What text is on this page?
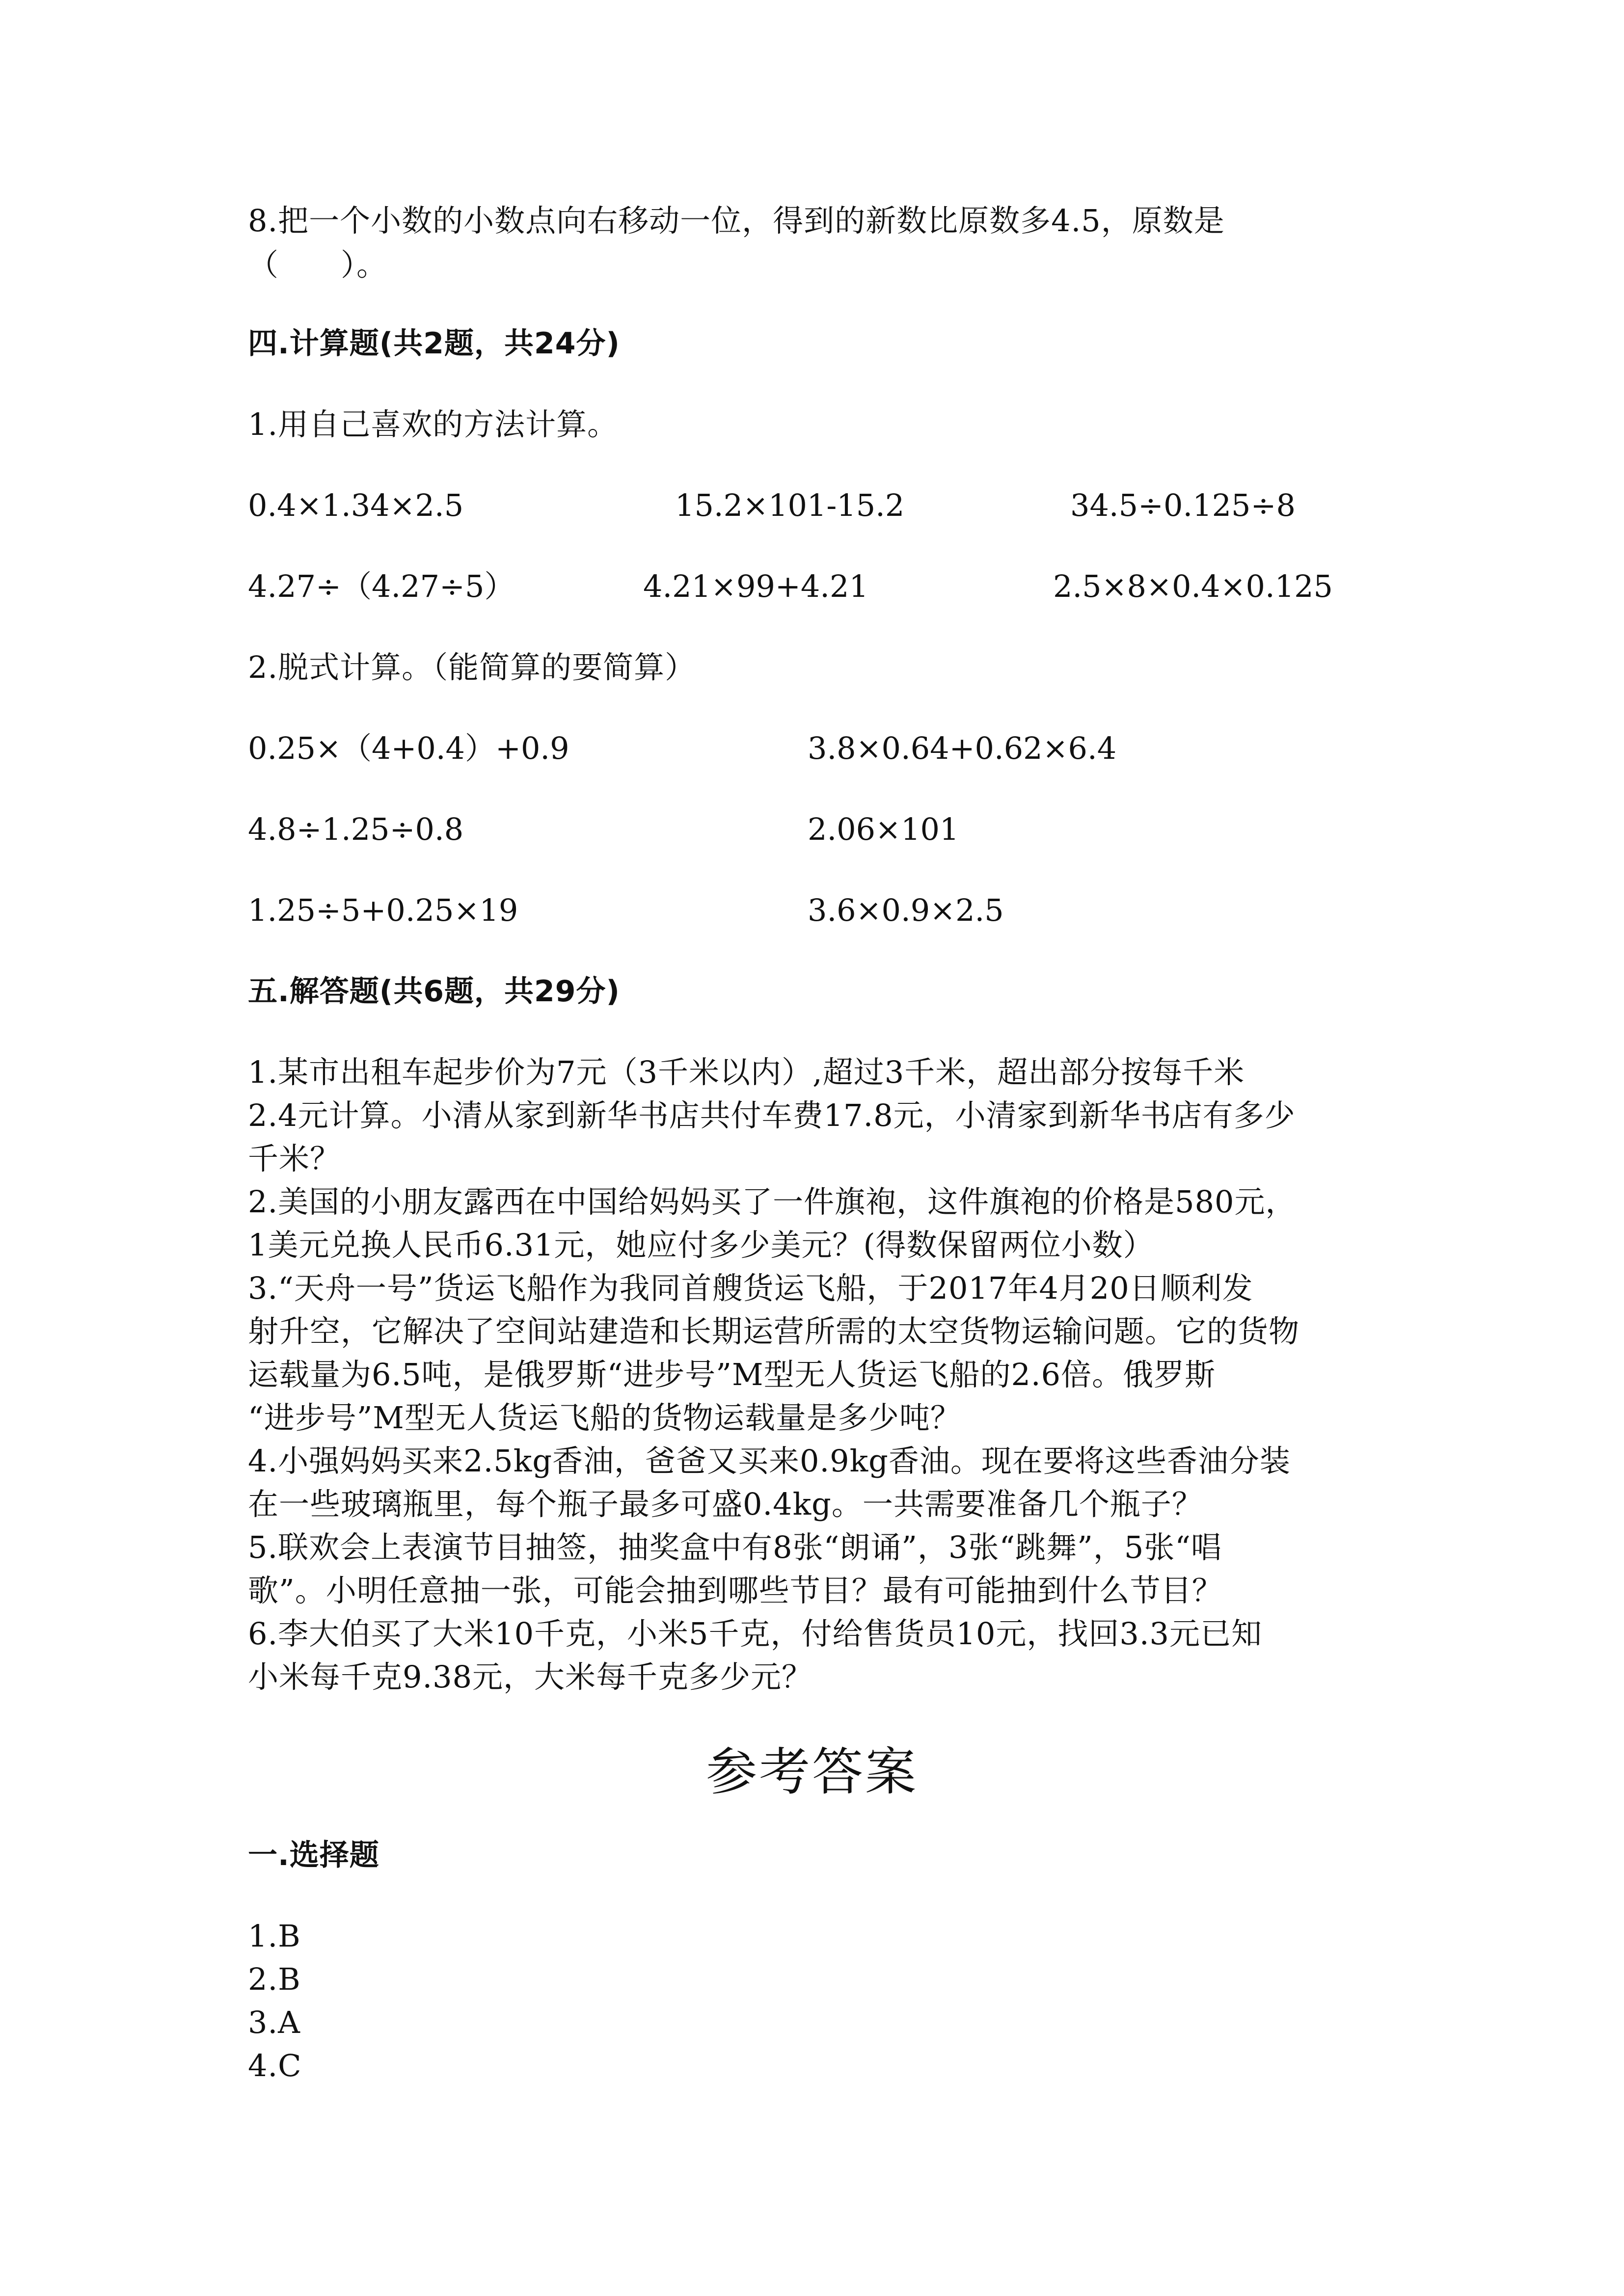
8.把一个小数的小数点向右移动一位，得到的新数比原数多4.5，原数是
（　　）。
四.计算题(共2题，共24分)
1.用自己喜欢的方法计算。
0.4×1.34×2.5	15.2×101-15.2	34.5÷0.125÷8
4.27÷（4.27÷5）	4.21×99+4.21	2.5×8×0.4×0.125
2.脱式计算。（能简算的要简算）
0.25×（4+0.4）+0.9	3.8×0.64+0.62×6.4
4.8÷1.25÷0.8	2.06×101
1.25÷5+0.25×19	3.6×0.9×2.5
五.解答题(共6题，共29分)
1.某市出租车起步价为7元（3千米以内）,超过3千米，超出部分按每千米
2.4元计算。小清从家到新华书店共付车费17.8元，小清家到新华书店有多少
千米？
2.美国的小朋友露西在中国给妈妈买了一件旗袍，这件旗袍的价格是580元，
1美元兑换人民币6.31元，她应付多少美元？(得数保留两位小数）
3.“天舟一号”货运飞船作为我同首艘货运飞船，于2017年4月20日顺利发
射升空，它解决了空间站建造和长期运营所需的太空货物运输问题。它的货物
运载量为6.5吨，是俄罗斯“进步号”M型无人货运飞船的2.6倍。俄罗斯
“进步号”M型无人货运飞船的货物运载量是多少吨？
4.小强妈妈买来2.5kg香油，爸爸又买来0.9kg香油。现在要将这些香油分装
在一些玻璃瓶里，每个瓶子最多可盛0.4kg。一共需要准备几个瓶子？
5.联欢会上表演节目抽签，抽奖盒中有8张“朗诵”，3张“跳舞”，5张“唱
歌”。小明任意抽一张，可能会抽到哪些节目？最有可能抽到什么节目？
6.李大伯买了大米10千克，小米5千克，付给售货员10元，找回3.3元已知
小米每千克9.38元，大米每千克多少元？
参考答案
一.选择题
1.B
2.B
3.A
4.C
